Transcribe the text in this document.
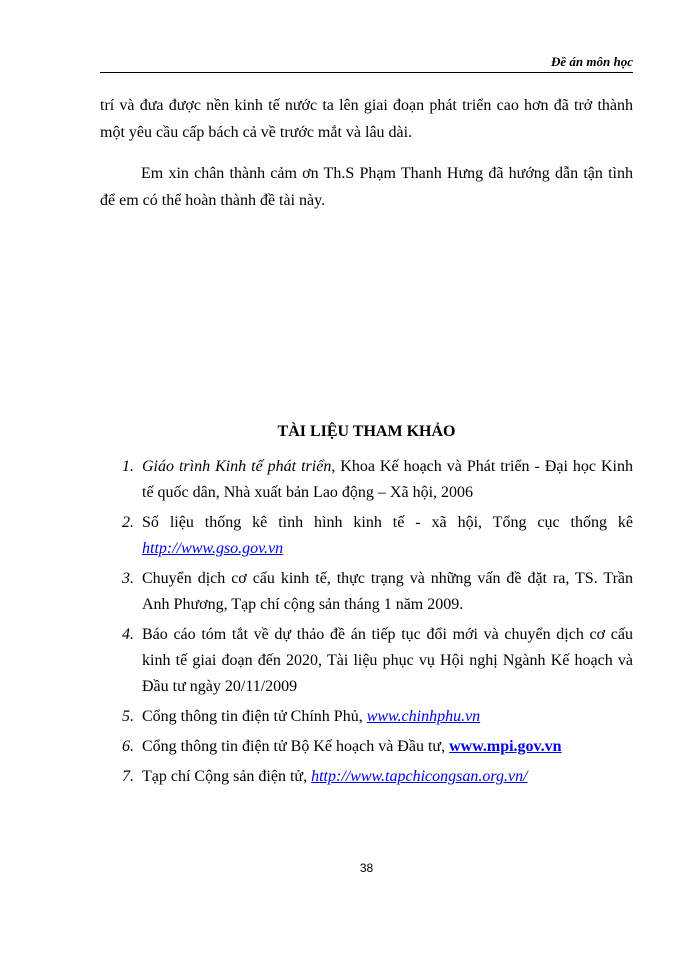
Đề án môn học

trí và đưa được nền kinh tế nước ta lên giai đoạn phát triển cao hơn đã trở thành một yêu cầu cấp bách cả về trước mắt và lâu dài.

Em xin chân thành cảm ơn Th.S Phạm Thanh Hưng đã hướng dẫn tận tình để em có thể hoàn thành đề tài này.

TÀI LIỆU THAM KHẢO
1. Giáo trình Kinh tế phát triển, Khoa Kế hoạch và Phát triển - Đại học Kinh tế quốc dân, Nhà xuất bản Lao động – Xã hội, 2006
2. Số liệu thống kê tình hình kinh tế - xã hội, Tổng cục thống kê http://www.gso.gov.vn
3. Chuyển dịch cơ cấu kinh tế, thực trạng và những vấn đề đặt ra, TS. Trần Anh Phương, Tạp chí cộng sản tháng 1 năm 2009.
4. Báo cáo tóm tắt về dự thảo đề án tiếp tục đổi mới và chuyển dịch cơ cấu kinh tế giai đoạn đến 2020, Tài liệu phục vụ Hội nghị Ngành Kế hoạch và Đầu tư ngày 20/11/2009
5. Cổng thông tin điện tử Chính Phủ, www.chinhphu.vn
6. Cổng thông tin điện tử Bộ Kế hoạch và Đầu tư, www.mpi.gov.vn
7. Tạp chí Cộng sản điện tử, http://www.tapchicongsan.org.vn/
38
